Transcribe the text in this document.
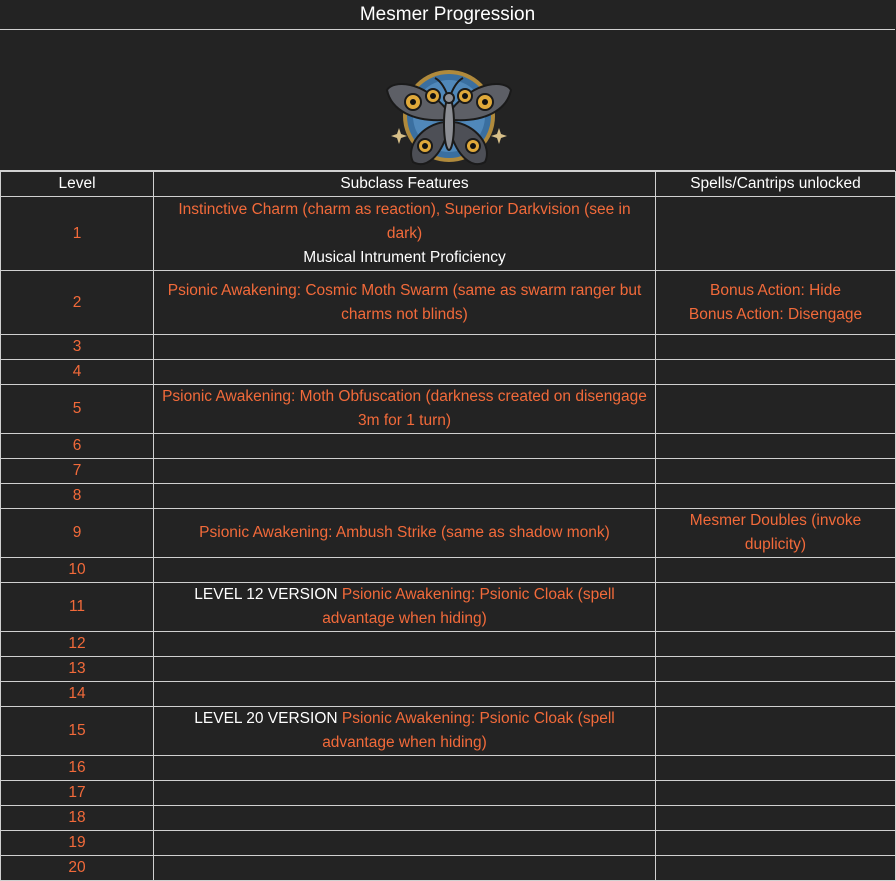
Mesmer Progression
Level	Subclass Features	Spells/Cantrips unlocked
1	Instinctive Charm (charm as reaction), Superior Darkvision (see in dark)
Musical Intrument Proficiency	
2	Psionic Awakening: Cosmic Moth Swarm (same as swarm ranger but charms not blinds)	Bonus Action: Hide
Bonus Action: Disengage
3		
4		
5	Psionic Awakening: Moth Obfuscation (darkness created on disengage 3m for 1 turn)	
6		
7		
8		
9	Psionic Awakening: Ambush Strike (same as shadow monk)	Mesmer Doubles (invoke duplicity)
10		
11	LEVEL 12 VERSION Psionic Awakening: Psionic Cloak (spell advantage when hiding)	
12		
13		
14		
15	LEVEL 20 VERSION Psionic Awakening: Psionic Cloak (spell advantage when hiding)	
16		
17		
18		
19		
20		
